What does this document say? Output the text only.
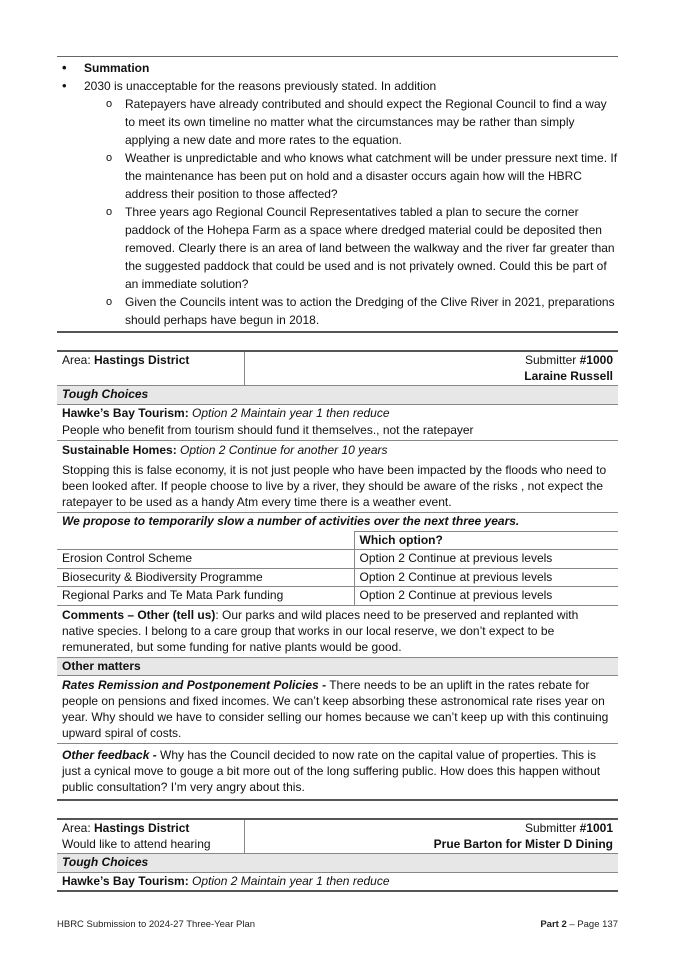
• Summation
• 2030 is unacceptable for the reasons previously stated. In addition
o Ratepayers have already contributed and should expect the Regional Council to find a way to meet its own timeline no matter what the circumstances may be rather than simply applying a new date and more rates to the equation.
o Weather is unpredictable and who knows what catchment will be under pressure next time. If the maintenance has been put on hold and a disaster occurs again how will the HBRC address their position to those affected?
o Three years ago Regional Council Representatives tabled a plan to secure the corner paddock of the Hohepa Farm as a space where dredged material could be deposited then removed. Clearly there is an area of land between the walkway and the river far greater than the suggested paddock that could be used and is not privately owned. Could this be part of an immediate solution?
o Given the Councils intent was to action the Dredging of the Clive River in 2021, preparations should perhaps have begun in 2018.
Area: Hastings District	Submitter #1000
Laraine Russell
Tough Choices
Hawke’s Bay Tourism: Option 2 Maintain year 1 then reduce
People who benefit from tourism should fund it themselves., not the ratepayer
Sustainable Homes: Option 2 Continue for another 10 years
Stopping this is false economy, it is not just people who have been impacted by the floods who need to been looked after. If people choose to live by a river, they should be aware of the risks , not expect the ratepayer to be used as a handy Atm every time there is a weather event.
We propose to temporarily slow a number of activities over the next three years.
	Which option?
Erosion Control Scheme	Option 2 Continue at previous levels
Biosecurity & Biodiversity Programme	Option 2 Continue at previous levels
Regional Parks and Te Mata Park funding	Option 2 Continue at previous levels
Comments – Other (tell us): Our parks and wild places need to be preserved and replanted with native species. I belong to a care group that works in our local reserve, we don’t expect to be remunerated, but some funding for native plants would be good.
Other matters
Rates Remission and Postponement Policies - There needs to be an uplift in the rates rebate for people on pensions and fixed incomes. We can’t keep absorbing these astronomical rate rises year on year. Why should we have to consider selling our homes because we can’t keep up with this continuing upward spiral of costs.
Other feedback - Why has the Council decided to now rate on the capital value of properties. This is just a cynical move to gouge a bit more out of the long suffering public. How does this happen without public consultation? I’m very angry about this.
Area: Hastings District
Would like to attend hearing	Submitter #1001
Prue Barton for Mister D Dining
Tough Choices
Hawke’s Bay Tourism: Option 2 Maintain year 1 then reduce
HBRC Submission to 2024-27 Three-Year Plan	Part 2 – Page 137
